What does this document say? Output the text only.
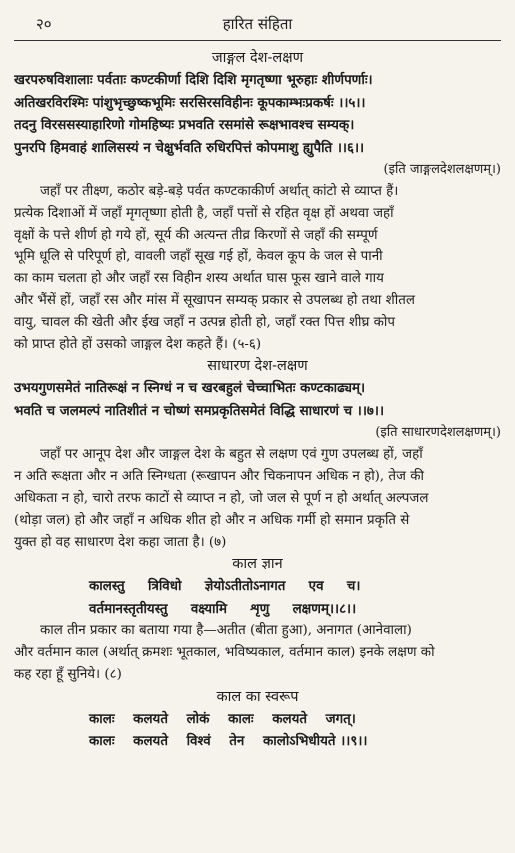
२०	हारित संहिता

जाङ्गल देश-लक्षण

खरपरुषविशालाः पर्वताः कण्टकीर्णा दिशि दिशि मृगतृष्णा भूरुहाः शीर्णपर्णाः।

अतिखरविरश्मिः पांशुभृच्छुष्कभूमिः सरसिरसविहीनः कूपकाम्भःप्रकर्षः ।।५।।

तदनु विरससस्याहारिणो गोमहिष्यः प्रभवति रसमांसे रूक्षभावश्च सम्यक्।

पुनरपि हिमवाहं शालिसस्यं न चेक्षुर्भवति रुधिरपित्तं कोपमाशु ह्युपैति ।।६।।

(इति जाङ्गलदेशलक्षणम्।)

जहाँ पर तीक्ष्ण, कठोर बड़े-बड़े पर्वत कण्टकाकीर्ण अर्थात् कांटो से व्याप्त हैं।

प्रत्येक दिशाओं में जहाँ मृगतृष्णा होती है, जहाँ पत्तों से रहित वृक्ष हों अथवा जहाँ

वृक्षों के पत्ते शीर्ण हो गये हों, सूर्य की अत्यन्त तीव्र किरणों से जहाँ की सम्पूर्ण

भूमि धूलि से परिपूर्ण हो, वावली जहाँ सूख गई हों, केवल कूप के जल से पानी

का काम चलता हो और जहाँ रस विहीन शस्य अर्थात घास फूस खाने वाले गाय

और भैंसें हों, जहाँ रस और मांस में सूखापन सम्यक् प्रकार से उपलब्ध हो तथा शीतल

वायु, चावल की खेती और ईख जहाँ न उत्पन्न होती हो, जहाँ रक्त पित्त शीघ्र कोप

को प्राप्त होते हों उसको जाङ्गल देश कहते हैं। (५-६)

साधारण देश-लक्षण

उभयगुणसमेतं नातिरूक्षं न स्निग्धं न च खरबहुलं चेच्चाभितः कण्टकाढ्यम्।

भवति च जलमल्पं नातिशीतं न चोष्णं समप्रकृतिसमेतं विद्धि साधारणं च ।।७।।

(इति साधारणदेशलक्षणम्।)

जहाँ पर आनूप देश और जाङ्गल देश के बहुत से लक्षण एवं गुण उपलब्ध हों, जहाँ

न अति रूक्षता और न अति स्निग्धता (रूखापन और चिकनापन अधिक न हो), तेज की

अधिकता न हो, चारो तरफ काटों से व्याप्त न हो, जो जल से पूर्ण न हो अर्थात् अल्पजल

(थोड़ा जल) हो और जहाँ न अधिक शीत हो और न अधिक गर्मी हो समान प्रकृति से

युक्त हो वह साधारण देश कहा जाता है। (७)

काल ज्ञान

कालस्तु     त्रिविधो     ज्ञेयोऽतीतोऽनागत     एव     च।

वर्तमानस्तृतीयस्तु     वक्ष्यामि     शृणु     लक्षणम्।।८।।

काल तीन प्रकार का बताया गया है—अतीत (बीता हुआ), अनागत (आनेवाला)

और वर्तमान काल (अर्थात् क्रमशः भूतकाल, भविष्यकाल, वर्तमान काल) इनके लक्षण को

कह रहा हूँ सुनिये। (८)

काल का स्वरूप

कालः    कलयते    लोकं    कालः    कलयते    जगत्।

कालः    कलयते    विश्वं    तेन    कालोऽभिधीयते ।।९।।
